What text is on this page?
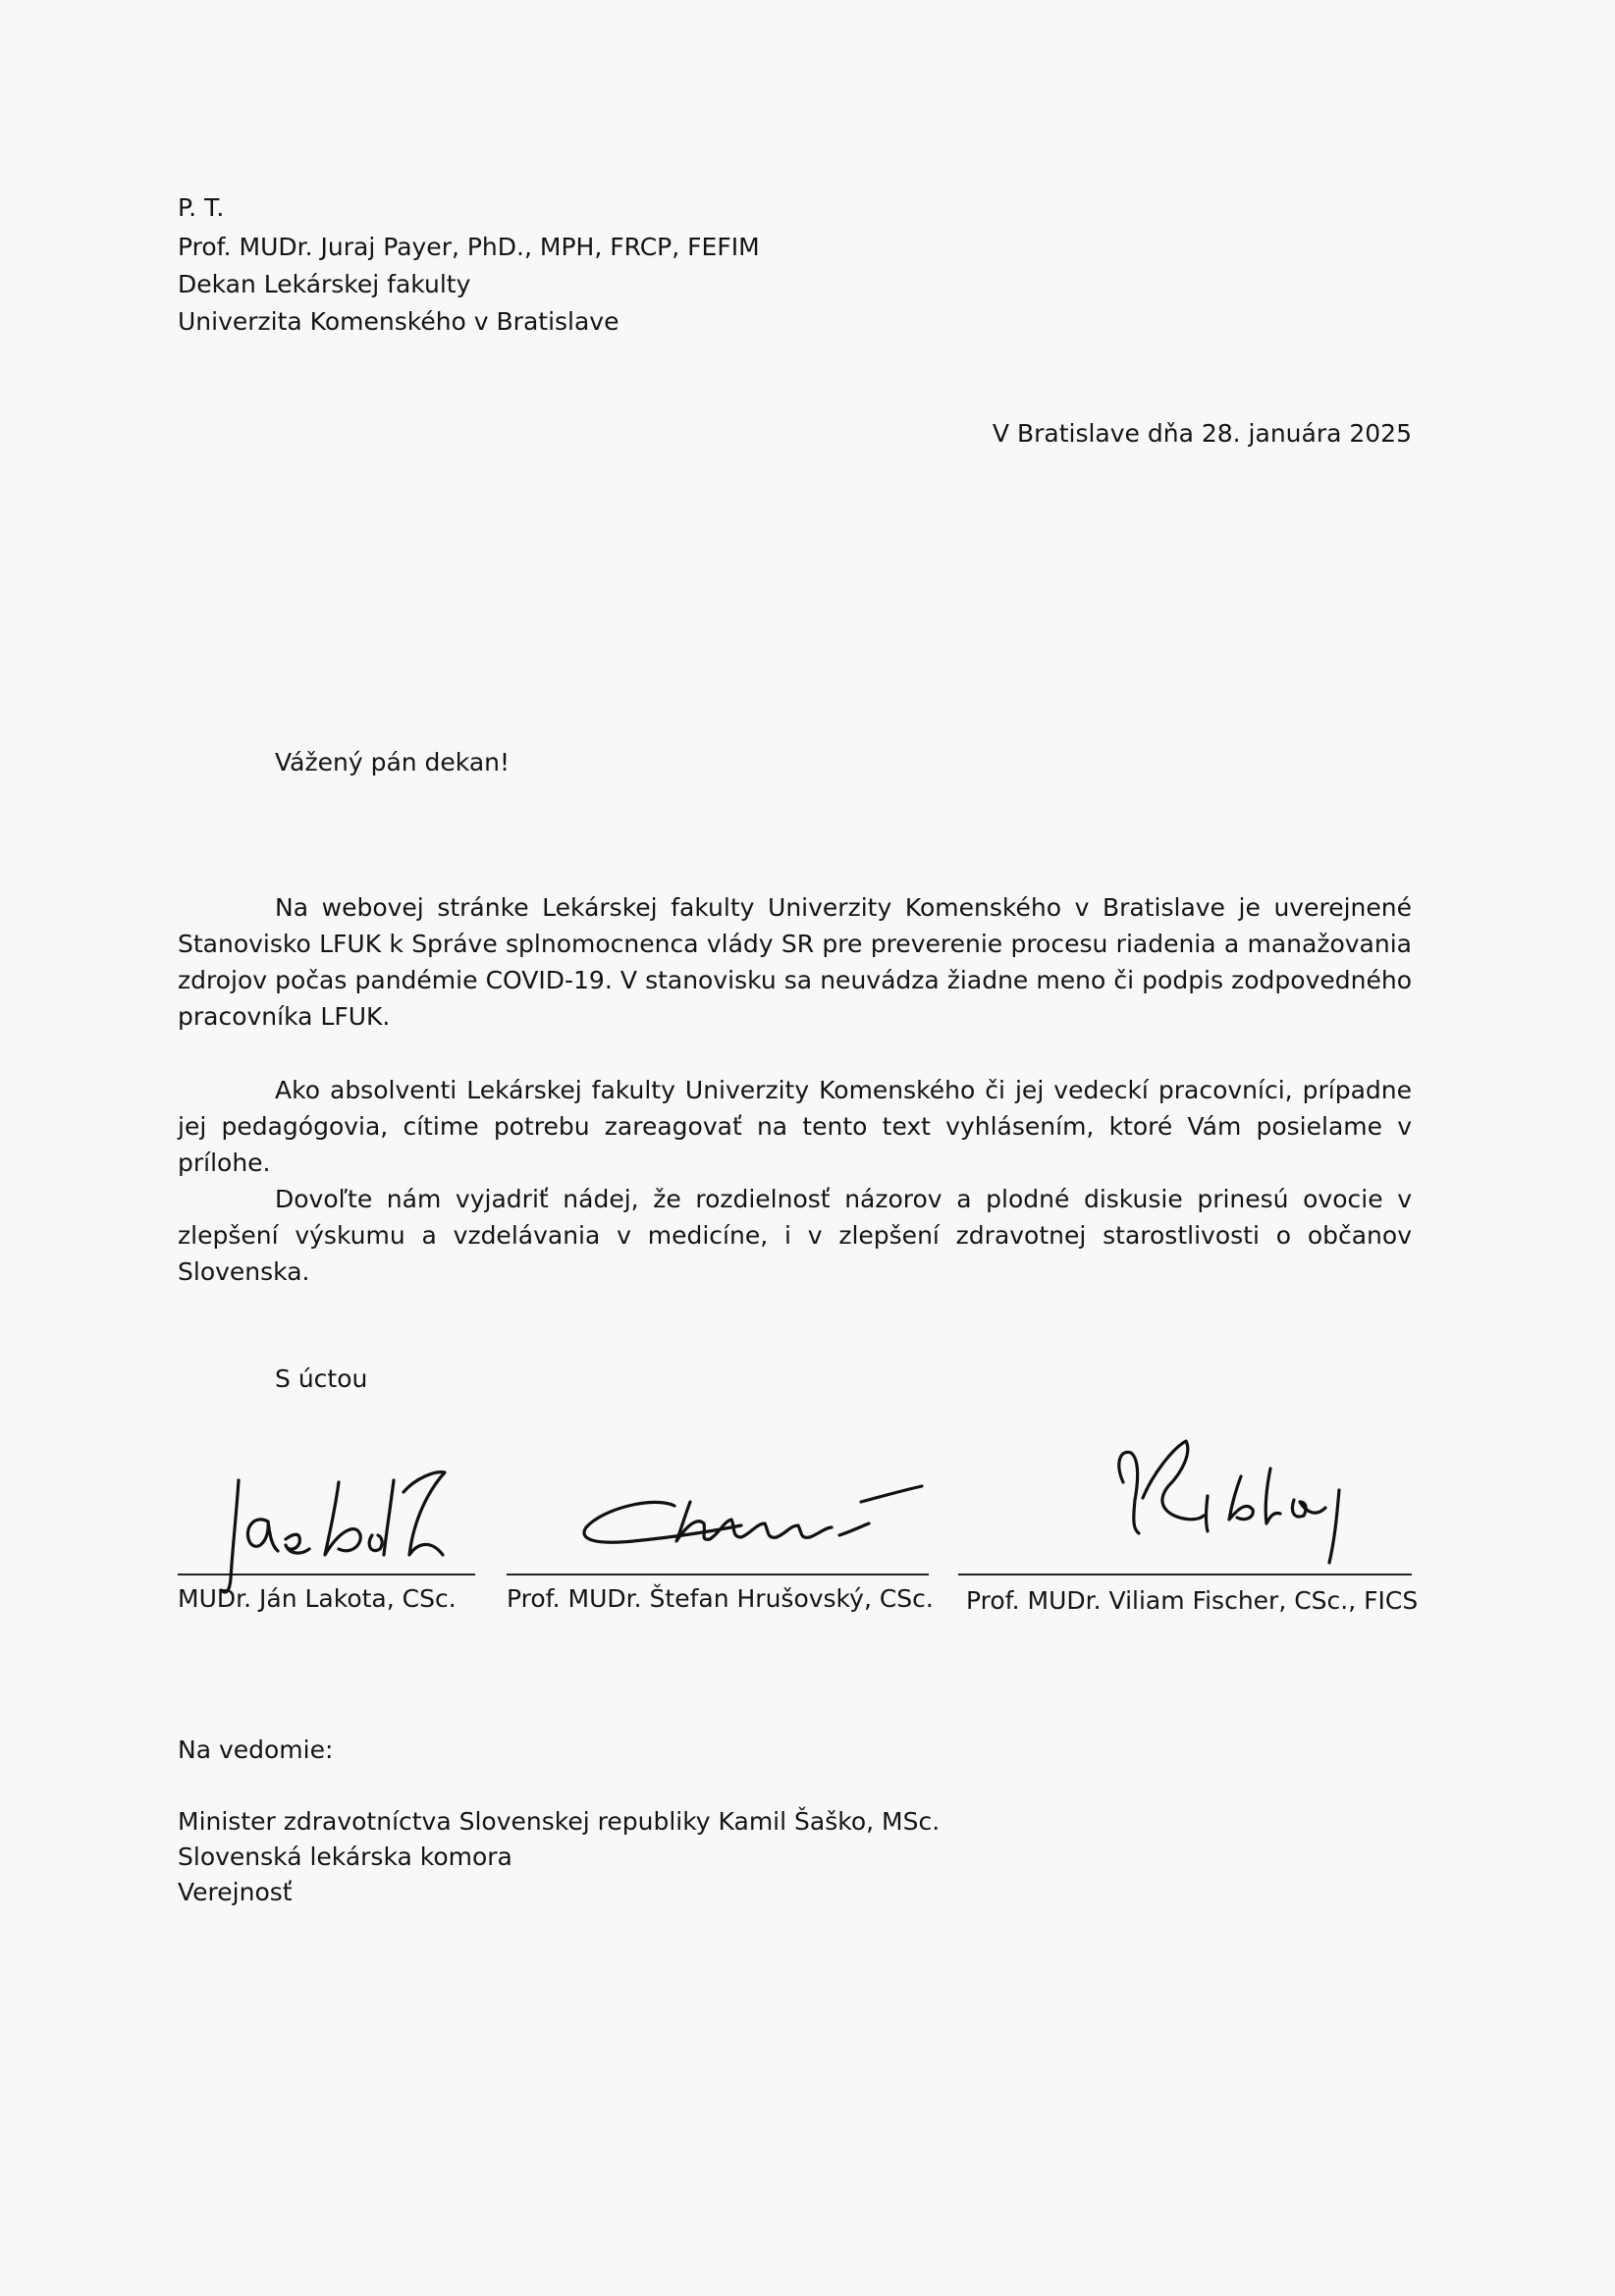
P. T.
Prof. MUDr. Juraj Payer, PhD., MPH, FRCP, FEFIM
Dekan Lekárskej fakulty
Univerzita Komenského v Bratislave
V Bratislave dňa 28. januára 2025
Vážený pán dekan!
Na webovej stránke Lekárskej fakulty Univerzity Komenského v Bratislave je uverejnené Stanovisko LFUK k Správe splnomocnenca vlády SR pre preverenie procesu riadenia a manažovania zdrojov počas pandémie COVID-19. V stanovisku sa neuvádza žiadne meno či podpis zodpovedného pracovníka LFUK.
Ako absolventi Lekárskej fakulty Univerzity Komenského či jej vedeckí pracovníci, prípadne jej pedagógovia, cítime potrebu zareagovať na tento text vyhlásením, ktoré Vám posielame v prílohe.
Dovoľte nám vyjadriť nádej, že rozdielnosť názorov a plodné diskusie prinesú ovocie v zlepšení výskumu a vzdelávania v medicíne, i v zlepšení zdravotnej starostlivosti o občanov Slovenska.
S úctou
MUDr. Ján Lakota, CSc. Prof. MUDr. Štefan Hrušovský, CSc. Prof. MUDr. Viliam Fischer, CSc., FICS
Na vedomie:
Minister zdravotníctva Slovenskej republiky Kamil Šaško, MSc.
Slovenská lekárska komora
Verejnosť
